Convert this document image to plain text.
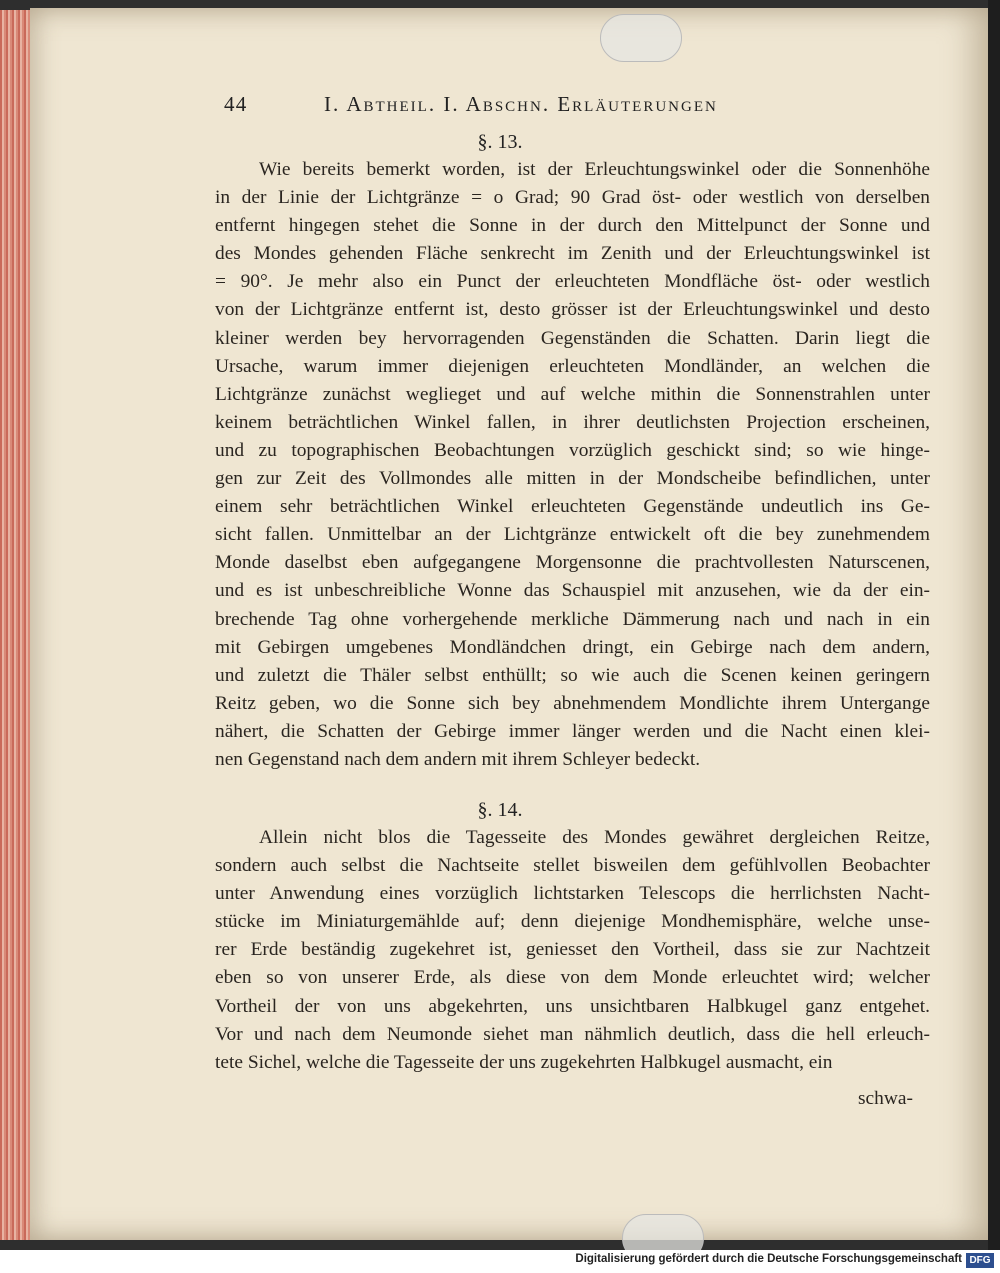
44	I. Abtheil. I. Abschn. Erläuterungen
§. 13.
Wie bereits bemerkt worden, ist der Erleuchtungswinkel oder die Sonnenhöhe
in der Linie der Lichtgränze = o Grad; 90 Grad öst- oder westlich von derselben
entfernt hingegen stehet die Sonne in der durch den Mittelpunct der Sonne und
des Mondes gehenden Fläche senkrecht im Zenith und der Erleuchtungswinkel ist
= 90°. Je mehr also ein Punct der erleuchteten Mondfläche öst- oder westlich
von der Lichtgränze entfernt ist, desto grösser ist der Erleuchtungswinkel und desto
kleiner werden bey hervorragenden Gegenständen die Schatten. Darin liegt die
Ursache, warum immer diejenigen erleuchteten Mondländer, an welchen die
Lichtgränze zunächst weglieget und auf welche mithin die Sonnenstrahlen unter
keinem beträchtlichen Winkel fallen, in ihrer deutlichsten Projection erscheinen,
und zu topographischen Beobachtungen vorzüglich geschickt sind; so wie hinge-
gen zur Zeit des Vollmondes alle mitten in der Mondscheibe befindlichen, unter
einem sehr beträchtlichen Winkel erleuchteten Gegenstände undeutlich ins Ge-
sicht fallen. Unmittelbar an der Lichtgränze entwickelt oft die bey zunehmendem
Monde daselbst eben aufgegangene Morgensonne die prachtvollesten Naturscenen,
und es ist unbeschreibliche Wonne das Schauspiel mit anzusehen, wie da der ein-
brechende Tag ohne vorhergehende merkliche Dämmerung nach und nach in ein
mit Gebirgen umgebenes Mondländchen dringt, ein Gebirge nach dem andern,
und zuletzt die Thäler selbst enthüllt; so wie auch die Scenen keinen geringern
Reitz geben, wo die Sonne sich bey abnehmendem Mondlichte ihrem Untergange
nähert, die Schatten der Gebirge immer länger werden und die Nacht einen klei-
nen Gegenstand nach dem andern mit ihrem Schleyer bedeckt.
§. 14.
Allein nicht blos die Tagesseite des Mondes gewähret dergleichen Reitze,
sondern auch selbst die Nachtseite stellet bisweilen dem gefühlvollen Beobachter
unter Anwendung eines vorzüglich lichtstarken Telescops die herrlichsten Nacht-
stücke im Miniaturgemählde auf; denn diejenige Mondhemisphäre, welche unse-
rer Erde beständig zugekehret ist, geniesset den Vortheil, dass sie zur Nachtzeit
eben so von unserer Erde, als diese von dem Monde erleuchtet wird; welcher
Vortheil der von uns abgekehrten, uns unsichtbaren Halbkugel ganz entgehet.
Vor und nach dem Neumonde siehet man nähmlich deutlich, dass die hell erleuch-
tete Sichel, welche die Tagesseite der uns zugekehrten Halbkugel ausmacht, ein
schwa-
Digitalisierung gefördert durch die Deutsche Forschungsgemeinschaft DFG
